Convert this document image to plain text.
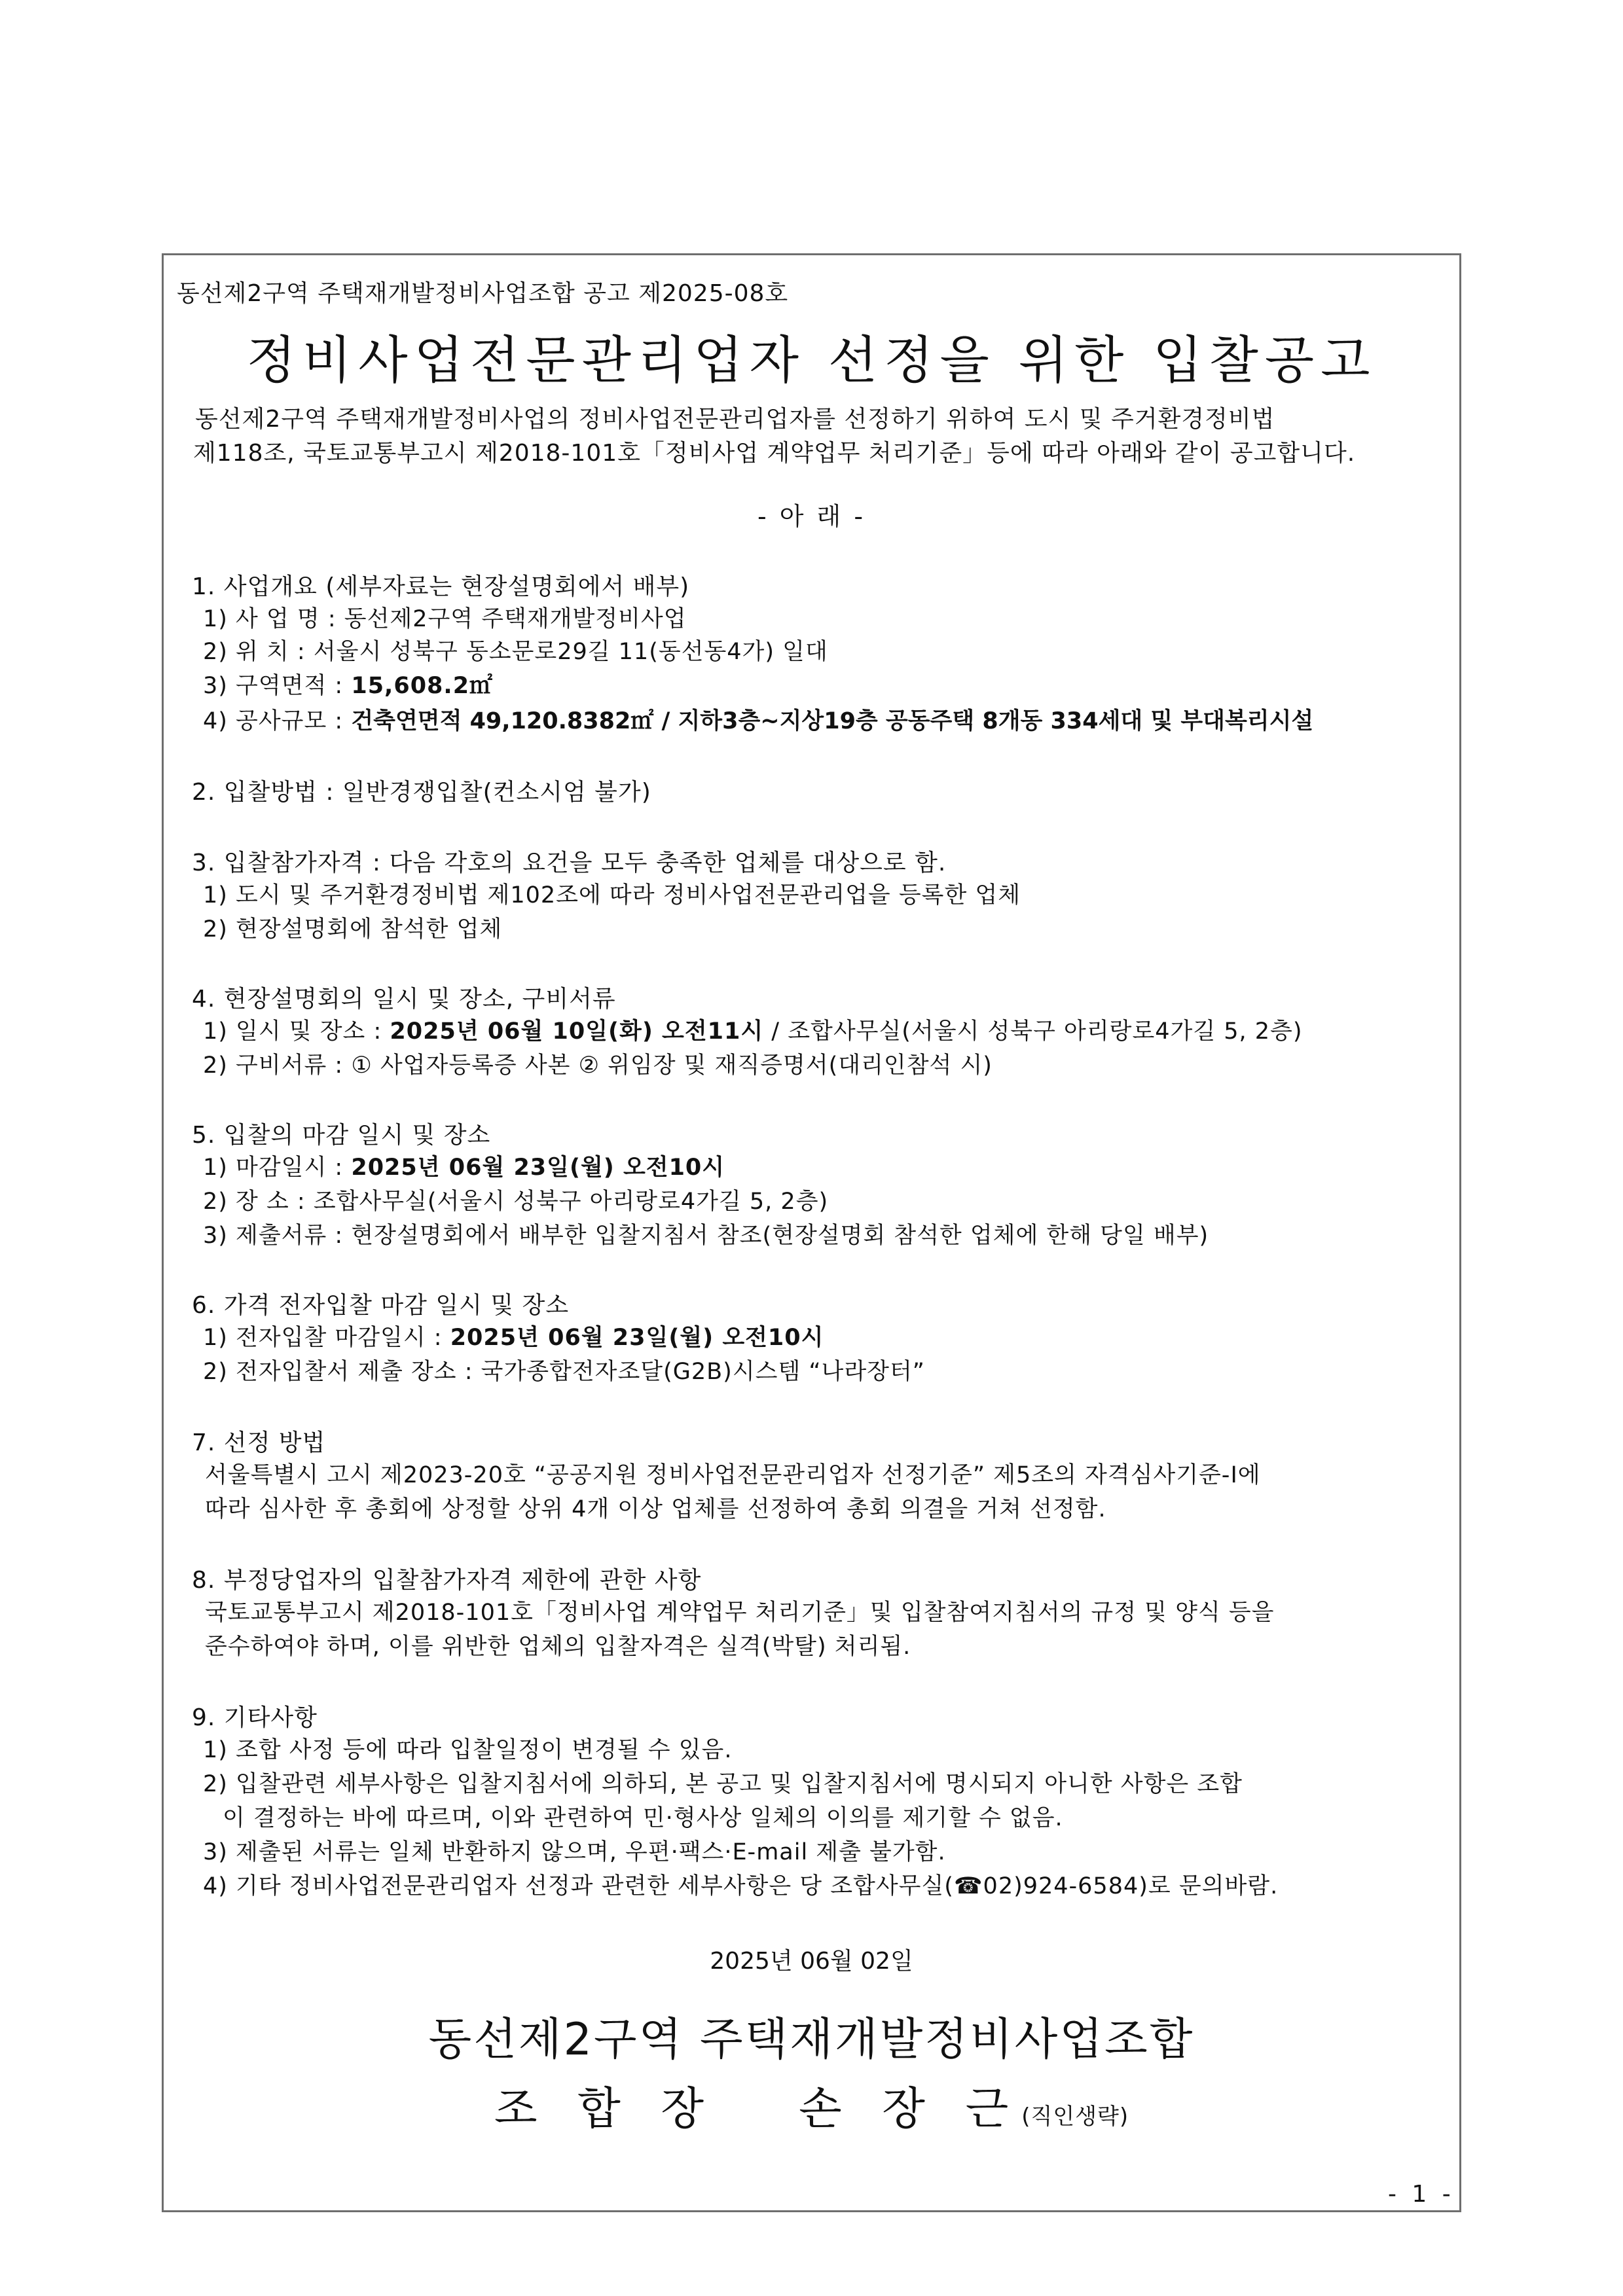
동선제2구역 주택재개발정비사업조합 공고 제2025-08호
정비사업전문관리업자 선정을 위한 입찰공고
동선제2구역 주택재개발정비사업의 정비사업전문관리업자를 선정하기 위하여 도시 및 주거환경정비법
제118조, 국토교통부고시 제2018-101호「정비사업 계약업무 처리기준」등에 따라 아래와 같이 공고합니다.
- 아 래 -
1. 사업개요 (세부자료는 현장설명회에서 배부)
1) 사 업 명 : 동선제2구역 주택재개발정비사업
2) 위 치 : 서울시 성북구 동소문로29길 11(동선동4가) 일대
3) 구역면적 : 15,608.2㎡
4) 공사규모 : 건축연면적 49,120.8382㎡ / 지하3층~지상19층 공동주택 8개동 334세대 및 부대복리시설
2. 입찰방법 : 일반경쟁입찰(컨소시엄 불가)
3. 입찰참가자격 : 다음 각호의 요건을 모두 충족한 업체를 대상으로 함.
1) 도시 및 주거환경정비법 제102조에 따라 정비사업전문관리업을 등록한 업체
2) 현장설명회에 참석한 업체
4. 현장설명회의 일시 및 장소, 구비서류
1) 일시 및 장소 : 2025년 06월 10일(화) 오전11시 / 조합사무실(서울시 성북구 아리랑로4가길 5, 2층)
2) 구비서류 : ① 사업자등록증 사본 ② 위임장 및 재직증명서(대리인참석 시)
5. 입찰의 마감 일시 및 장소
1) 마감일시 : 2025년 06월 23일(월) 오전10시
2) 장 소 : 조합사무실(서울시 성북구 아리랑로4가길 5, 2층)
3) 제출서류 : 현장설명회에서 배부한 입찰지침서 참조(현장설명회 참석한 업체에 한해 당일 배부)
6. 가격 전자입찰 마감 일시 및 장소
1) 전자입찰 마감일시 : 2025년 06월 23일(월) 오전10시
2) 전자입찰서 제출 장소 : 국가종합전자조달(G2B)시스템 “나라장터”
7. 선정 방법
서울특별시 고시 제2023-20호 “공공지원 정비사업전문관리업자 선정기준” 제5조의 자격심사기준-Ⅰ에
따라 심사한 후 총회에 상정할 상위 4개 이상 업체를 선정하여 총회 의결을 거쳐 선정함.
8. 부정당업자의 입찰참가자격 제한에 관한 사항
국토교통부고시 제2018-101호「정비사업 계약업무 처리기준」및 입찰참여지침서의 규정 및 양식 등을
준수하여야 하며, 이를 위반한 업체의 입찰자격은 실격(박탈) 처리됨.
9. 기타사항
1) 조합 사정 등에 따라 입찰일정이 변경될 수 있음.
2) 입찰관련 세부사항은 입찰지침서에 의하되, 본 공고 및 입찰지침서에 명시되지 아니한 사항은 조합
이 결정하는 바에 따르며, 이와 관련하여 민·형사상 일체의 이의를 제기할 수 없음.
3) 제출된 서류는 일체 반환하지 않으며, 우편·팩스·E-mail 제출 불가함.
4) 기타 정비사업전문관리업자 선정과 관련한 세부사항은 당 조합사무실(☎02)924-6584)로 문의바람.
2025년 06월 02일
동선제2구역 주택재개발정비사업조합
조 합 장   손 장 근(직인생략)
- 1 -
